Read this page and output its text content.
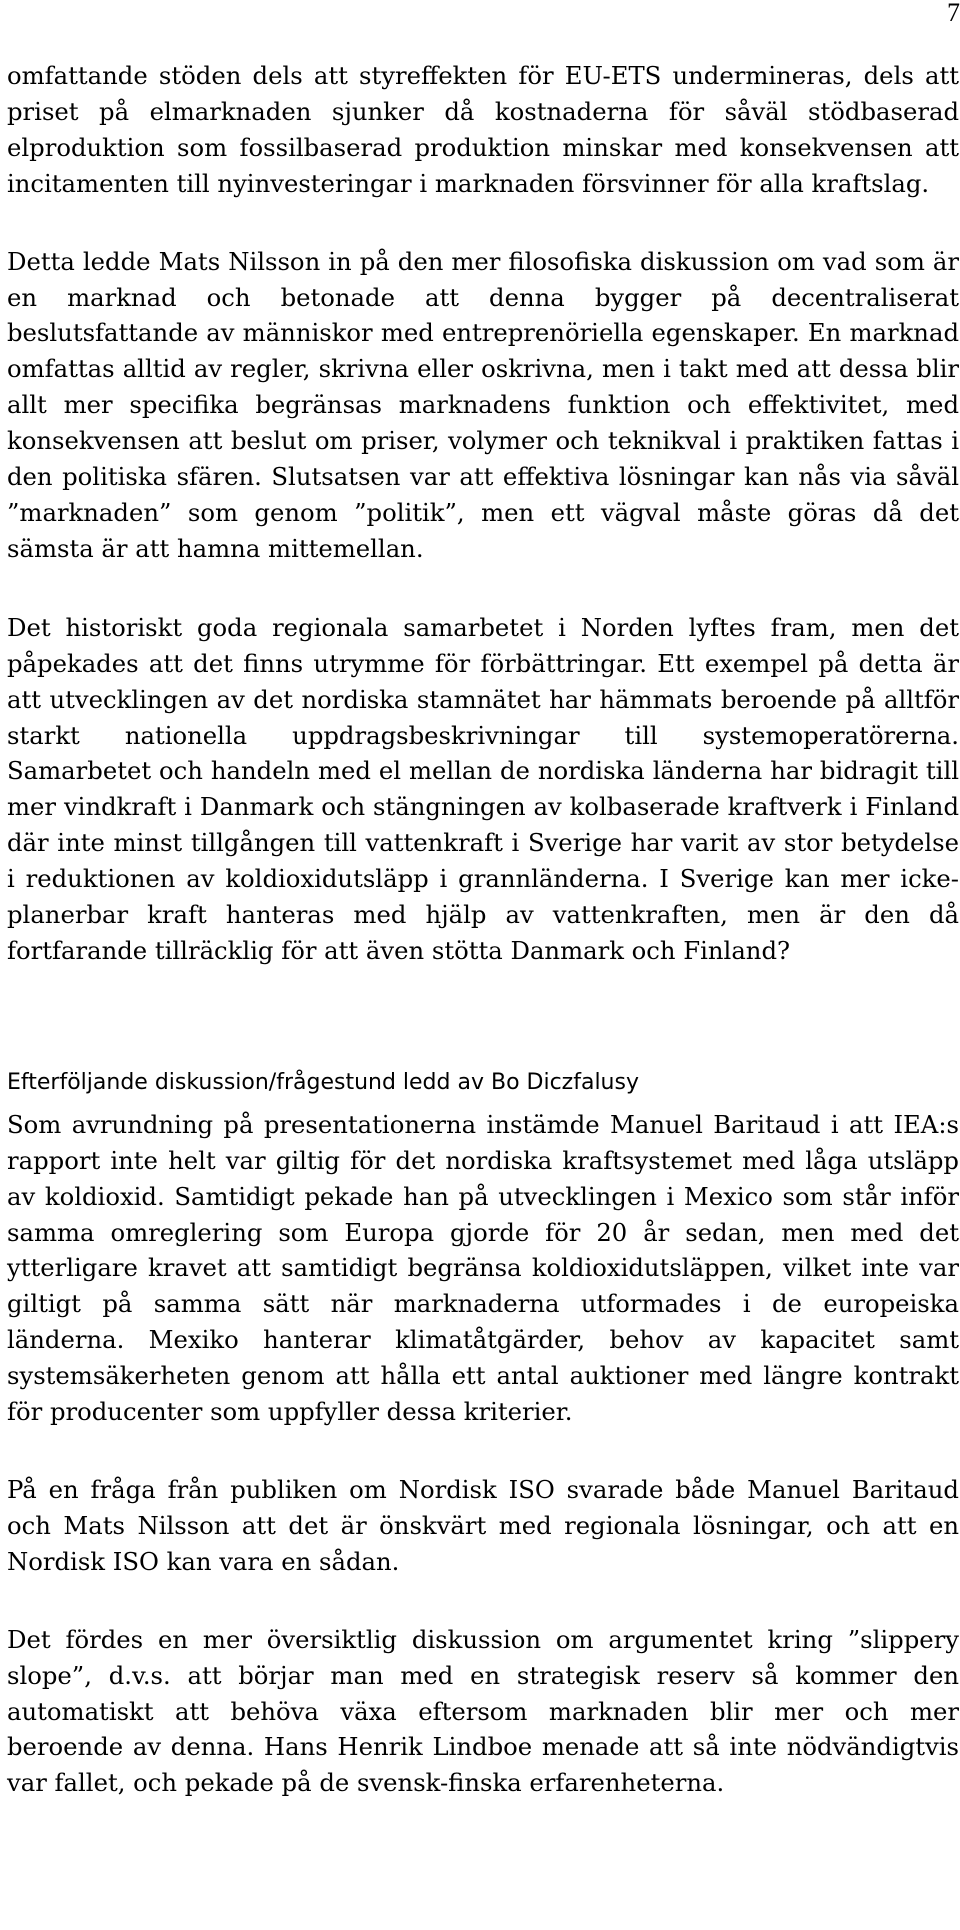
7

omfattande stöden dels att styreffekten för EU-ETS undermineras, dels att priset på elmarknaden sjunker då kostnaderna för såväl stödbaserad elproduktion som fossilbaserad produktion minskar med konsekvensen att incitamenten till nyinvesteringar i marknaden försvinner för alla kraftslag.

Detta ledde Mats Nilsson in på den mer filosofiska diskussion om vad som är en marknad och betonade att denna bygger på decentraliserat beslutsfattande av människor med entreprenöriella egenskaper. En marknad omfattas alltid av regler, skrivna eller oskrivna, men i takt med att dessa blir allt mer specifika begränsas marknadens funktion och effektivitet, med konsekvensen att beslut om priser, volymer och teknikval i praktiken fattas i den politiska sfären. Slutsatsen var att effektiva lösningar kan nås via såväl ”marknaden” som genom ”politik”, men ett vägval måste göras då det sämsta är att hamna mittemellan.

Det historiskt goda regionala samarbetet i Norden lyftes fram, men det påpekades att det finns utrymme för förbättringar. Ett exempel på detta är att utvecklingen av det nordiska stamnätet har hämmats beroende på alltför starkt nationella uppdragsbeskrivningar till systemoperatörerna. Samarbetet och handeln med el mellan de nordiska länderna har bidragit till mer vindkraft i Danmark och stängningen av kolbaserade kraftverk i Finland där inte minst tillgången till vattenkraft i Sverige har varit av stor betydelse i reduktionen av koldioxidutsläpp i grannländerna. I Sverige kan mer icke-planerbar kraft hanteras med hjälp av vattenkraften, men är den då fortfarande tillräcklig för att även stötta Danmark och Finland?

Efterföljande diskussion/frågestund ledd av Bo Diczfalusy

Som avrundning på presentationerna instämde Manuel Baritaud i att IEA:s rapport inte helt var giltig för det nordiska kraftsystemet med låga utsläpp av koldioxid. Samtidigt pekade han på utvecklingen i Mexico som står inför samma omreglering som Europa gjorde för 20 år sedan, men med det ytterligare kravet att samtidigt begränsa koldioxidutsläppen, vilket inte var giltigt på samma sätt när marknaderna utformades i de europeiska länderna. Mexiko hanterar klimatåtgärder, behov av kapacitet samt systemsäkerheten genom att hålla ett antal auktioner med längre kontrakt för producenter som uppfyller dessa kriterier.

På en fråga från publiken om Nordisk ISO svarade både Manuel Baritaud och Mats Nilsson att det är önskvärt med regionala lösningar, och att en Nordisk ISO kan vara en sådan.

Det fördes en mer översiktlig diskussion om argumentet kring ”slippery slope”, d.v.s. att börjar man med en strategisk reserv så kommer den automatiskt att behöva växa eftersom marknaden blir mer och mer beroende av denna. Hans Henrik Lindboe menade att så inte nödvändigtvis var fallet, och pekade på de svensk-finska erfarenheterna.
